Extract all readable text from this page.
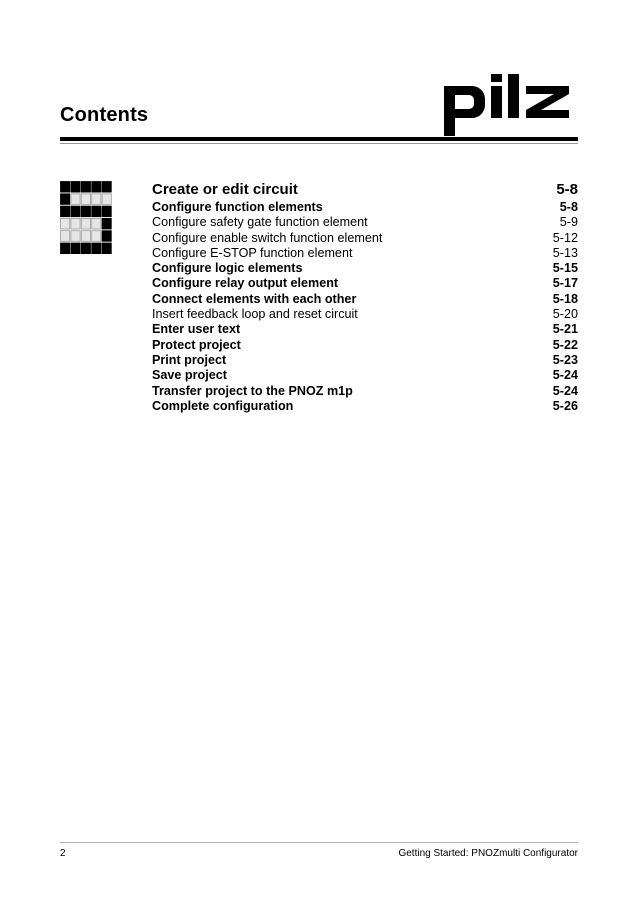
Contents
Create or edit circuit	5-8
Configure function elements	5-8
Configure safety gate function element	5-9
Configure enable switch function element	5-12
Configure E-STOP function element	5-13
Configure logic elements	5-15
Configure relay output element	5-17
Connect elements with each other	5-18
Insert feedback loop and reset circuit	5-20
Enter user text	5-21
Protect project	5-22
Print project	5-23
Save project	5-24
Transfer project to the PNOZ m1p	5-24
Complete configuration	5-26
2	Getting Started: PNOZmulti Configurator
